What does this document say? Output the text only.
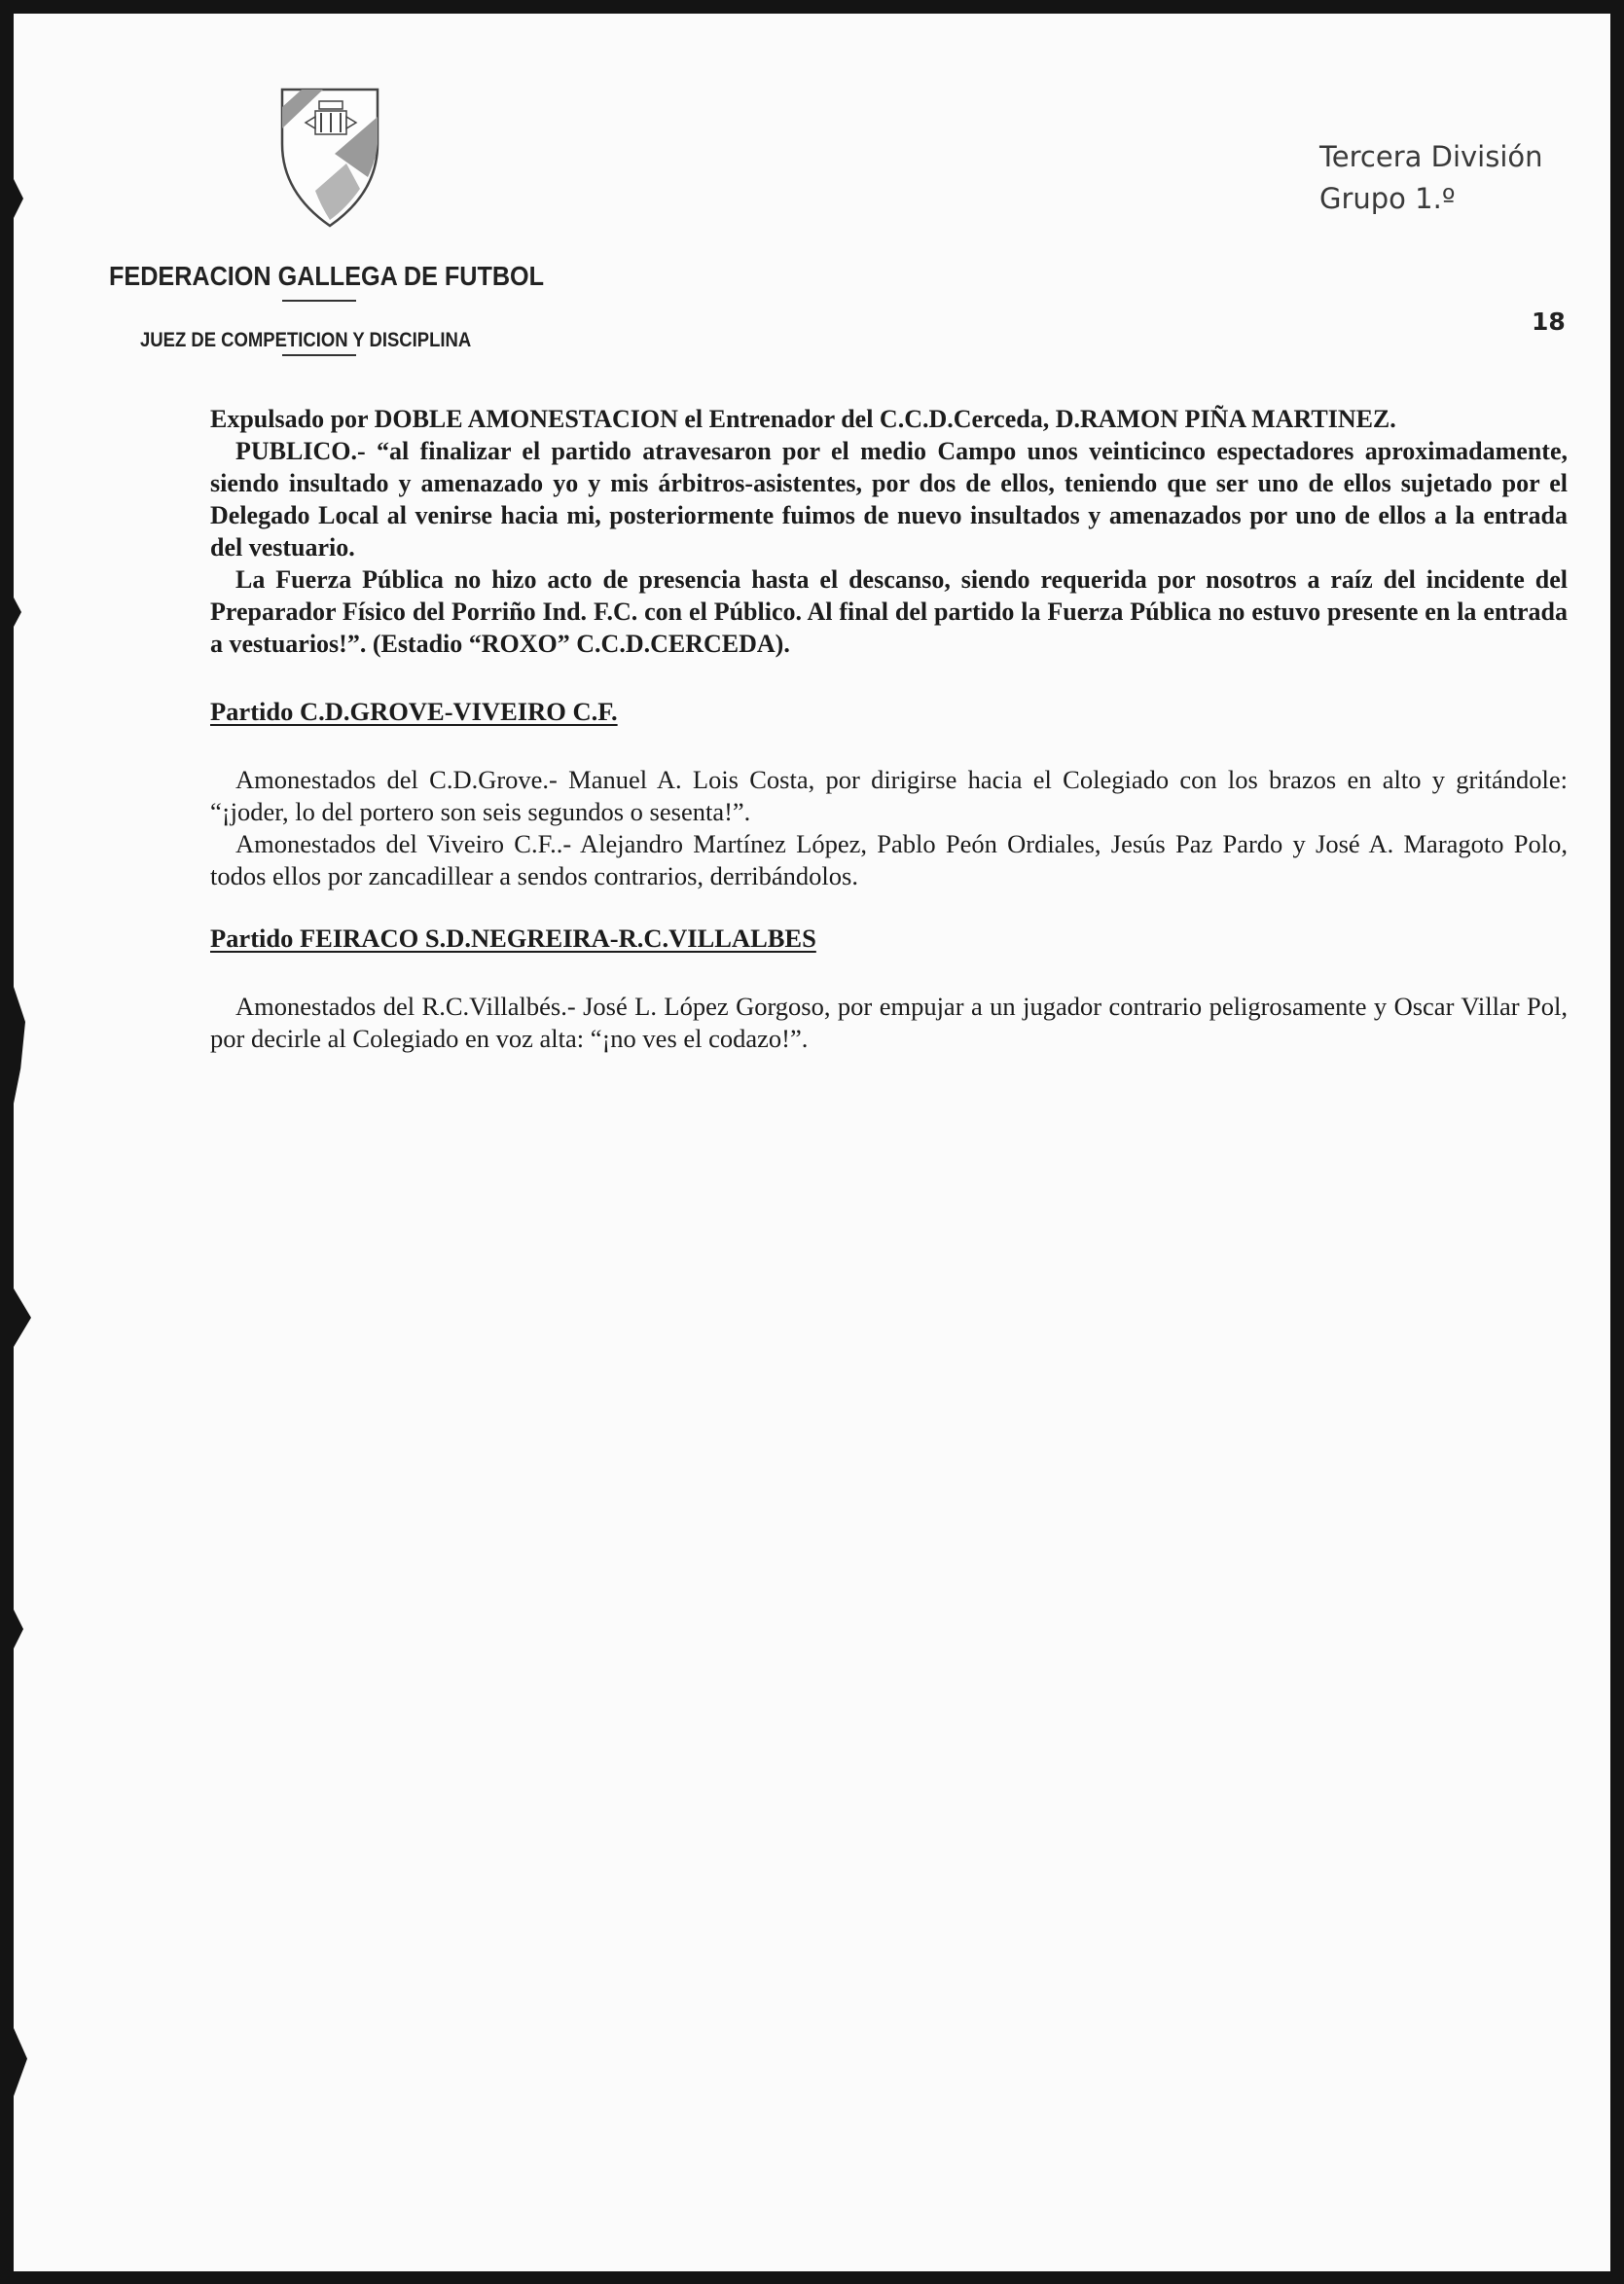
FEDERACION GALLEGA DE FUTBOL
JUEZ DE COMPETICION Y DISCIPLINA
Tercera División
Grupo 1.º
18

Expulsado por DOBLE AMONESTACION el Entrenador del C.C.D.Cerceda, D.RAMON PIÑA MARTINEZ.

PUBLICO.- “al finalizar el partido atravesaron por el medio Campo unos veinticinco espectadores aproximadamente, siendo insultado y amenazado yo y mis árbitros-asistentes, por dos de ellos, teniendo que ser uno de ellos sujetado por el Delegado Local al venirse hacia mi, posteriormente fuimos de nuevo insultados y amenazados por uno de ellos a la entrada del vestuario.

La Fuerza Pública no hizo acto de presencia hasta el descanso, siendo requerida por nosotros a raíz del incidente del Preparador Físico del Porriño Ind. F.C. con el Público. Al final del partido la Fuerza Pública no estuvo presente en la entrada a vestuarios!”. (Estadio “ROXO” C.C.D.CERCEDA).

Partido C.D.GROVE-VIVEIRO C.F.

Amonestados del C.D.Grove.- Manuel A. Lois Costa, por dirigirse hacia el Colegiado con los brazos en alto y gritándole: “¡joder, lo del portero son seis segundos o sesenta!”.

Amonestados del Viveiro C.F..- Alejandro Martínez López, Pablo Peón Ordiales, Jesús Paz Pardo y José A. Maragoto Polo, todos ellos por zancadillear a sendos contrarios, derribándolos.

Partido FEIRACO S.D.NEGREIRA-R.C.VILLALBES

Amonestados del R.C.Villalbés.- José L. López Gorgoso, por empujar a un jugador contrario peligrosamente y Oscar Villar Pol, por decirle al Colegiado en voz alta: “¡no ves el codazo!”.
